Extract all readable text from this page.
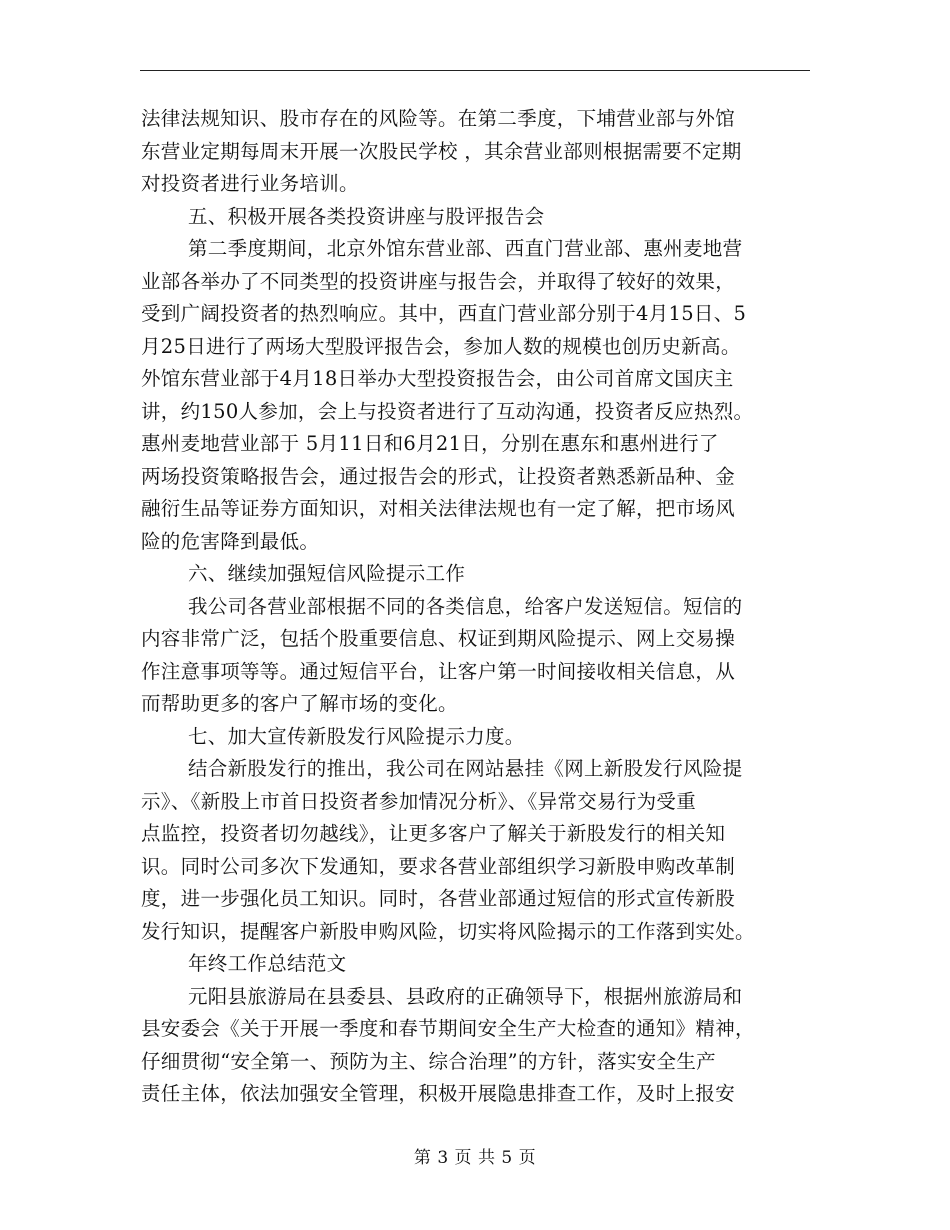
法律法规知识、股市存在的风险等。在第二季度，下埔营业部与外馆
东营业定期每周末开展一次股民学校 ，其余营业部则根据需要不定期
对投资者进行业务培训。
五、积极开展各类投资讲座与股评报告会
第二季度期间，北京外馆东营业部、西直门营业部、惠州麦地营
业部各举办了不同类型的投资讲座与报告会，并取得了较好的效果，
受到广阔投资者的热烈响应。其中，西直门营业部分别于4月15日、5
月25日进行了两场大型股评报告会，参加人数的规模也创历史新高。
外馆东营业部于4月18日举办大型投资报告会，由公司首席文国庆主
讲，约150人参加，会上与投资者进行了互动沟通，投资者反应热烈。
惠州麦地营业部于 5月11日和6月21日，分别在惠东和惠州进行了
两场投资策略报告会，通过报告会的形式，让投资者熟悉新品种、金
融衍生品等证券方面知识，对相关法律法规也有一定了解，把市场风
险的危害降到最低。
六、继续加强短信风险提示工作
我公司各营业部根据不同的各类信息，给客户发送短信。短信的
内容非常广泛，包括个股重要信息、权证到期风险提示、网上交易操
作注意事项等等。通过短信平台，让客户第一时间接收相关信息，从
而帮助更多的客户了解市场的变化。
七、加大宣传新股发行风险提示力度。
结合新股发行的推出，我公司在网站悬挂《网上新股发行风险提
示》、《新股上市首日投资者参加情况分析》、《异常交易行为受重
点监控，投资者切勿越线》，让更多客户了解关于新股发行的相关知
识。同时公司多次下发通知，要求各营业部组织学习新股申购改革制
度，进一步强化员工知识。同时，各营业部通过短信的形式宣传新股
发行知识，提醒客户新股申购风险，切实将风险揭示的工作落到实处。
年终工作总结范文
元阳县旅游局在县委县、县政府的正确领导下，根据州旅游局和
县安委会《关于开展一季度和春节期间安全生产大检查的通知》精神，
仔细贯彻“安全第一、预防为主、综合治理”的方针，落实安全生产
责任主体，依法加强安全管理，积极开展隐患排查工作，及时上报安
第 3 页 共 5 页
